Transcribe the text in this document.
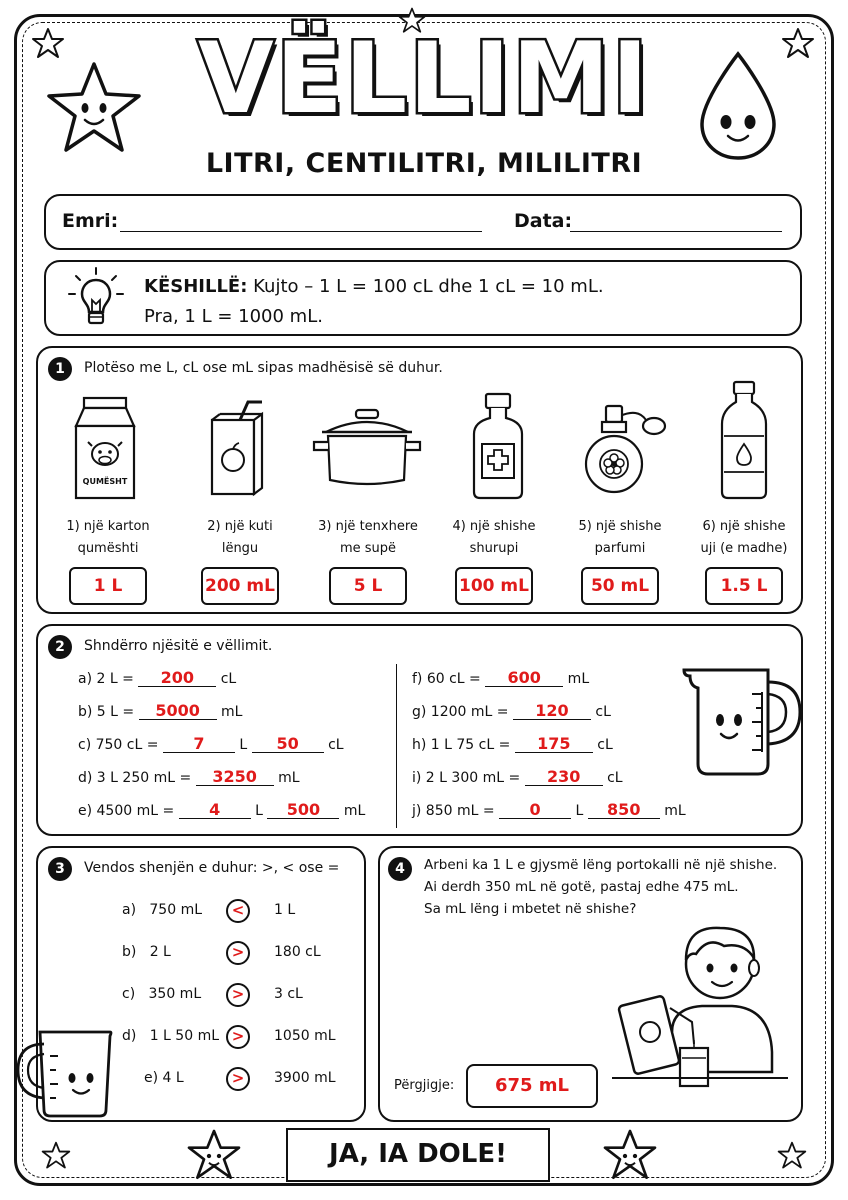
VËLLIMI
LITRI, CENTILITRI, MILILITRI
Emri:	Data:
KËSHILLË: Kujto – 1 L = 100 cL dhe 1 cL = 10 mL.
Pra, 1 L = 1000 mL.
1	Plotëso me L, cL ose mL sipas madhësisë së duhur.
QUMËSHT
1) një karton
qumështi
1 L
2) një kuti
lëngu
200 mL
3) një tenxhere
me supë
5 L
4) një shishe
shurupi
100 mL
5) një shishe
parfumi
50 mL
6) një shishe
uji (e madhe)
1.5 L
2	Shndërro njësitë e vëllimit.
a) 2 L = 200 cL
b) 5 L = 5000 mL
c) 750 cL = 7 L 50 cL
d) 3 L 250 mL = 3250 mL
e) 4500 mL = 4 L 500 mL
f) 60 cL = 600 mL
g) 1200 mL = 120 cL
h) 1 L 75 cL = 175 cL
i) 2 L 300 mL = 230 cL
j) 850 mL = 0 L 850 mL
3	Vendos shenjën e duhur: >, < ose =
a)   750 mL	<	1 L
b)   2 L	>	180 cL
c)   350 mL	>	3 cL
d)   1 L 50 mL >	1050 mL
e) 4 L	>	3900 mL
4	Arbeni ka 1 L e gjysmë lëng portokalli në një shishe.
Ai derdh 350 mL në gotë, pastaj edhe 475 mL.
Sa mL lëng i mbetet në shishe?
Përgjigje:	675 mL
JA, IA DOLE!
